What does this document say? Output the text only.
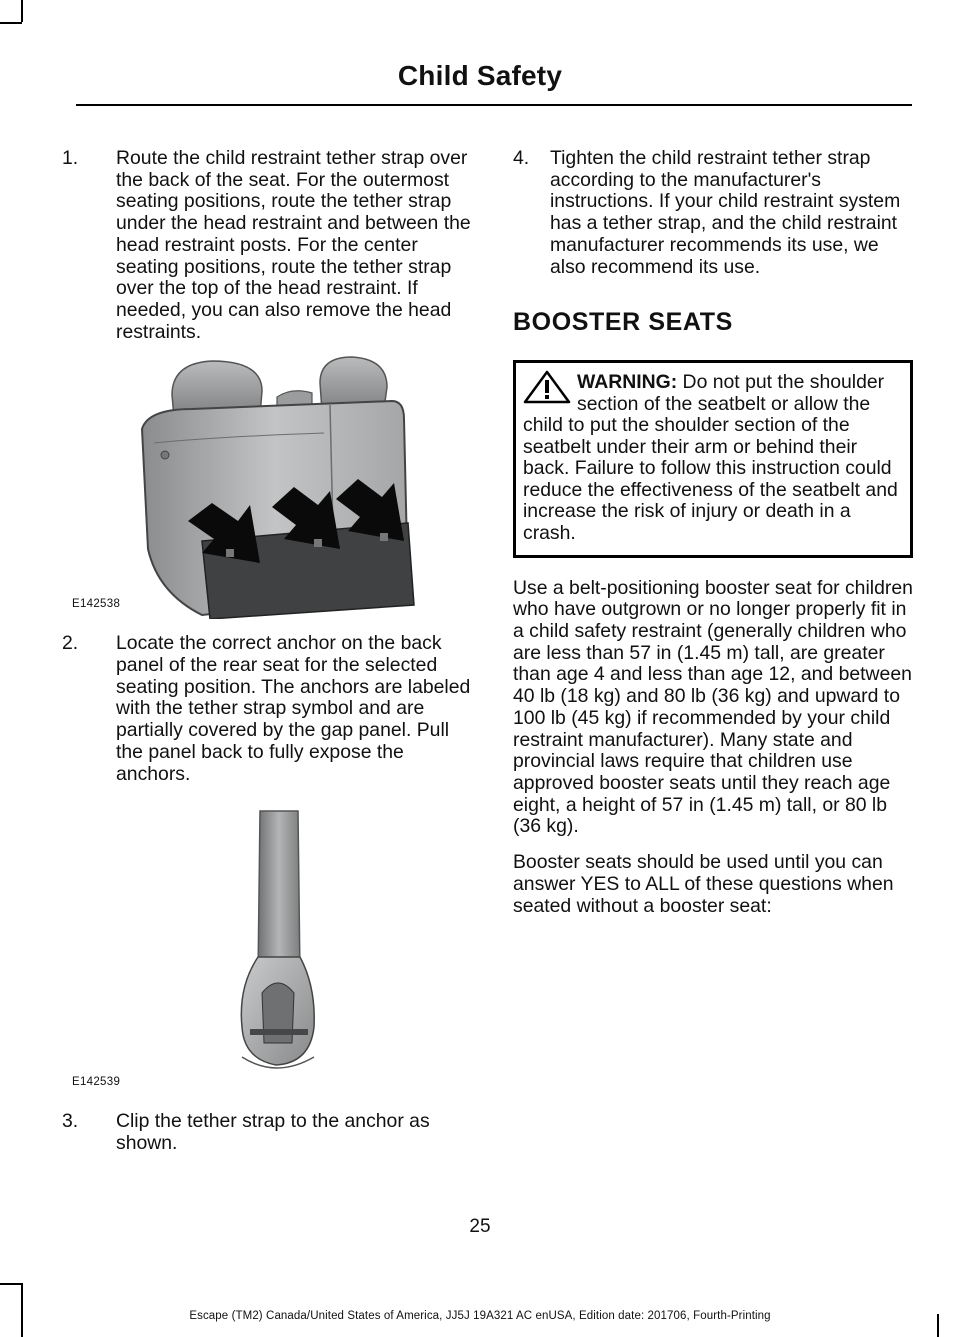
Child Safety
1.	Route the child restraint tether strap over the back of the seat. For the outermost seating positions, route the tether strap under the head restraint and between the head restraint posts. For the center seating positions, route the tether strap over the top of the head restraint. If needed, you can also remove the head restraints.
E142538
2.	Locate the correct anchor on the back panel of the rear seat for the selected seating position. The anchors are labeled with the tether strap symbol and are partially covered by the gap panel. Pull the panel back to fully expose the anchors.
E142539
3.	Clip the tether strap to the anchor as shown.
4.	Tighten the child restraint tether strap according to the manufacturer's instructions. If your child restraint system has a tether strap, and the child restraint manufacturer recommends its use, we also recommend its use.
BOOSTER SEATS
WARNING: Do not put the shoulder section of the seatbelt or allow the child to put the shoulder section of the seatbelt under their arm or behind their back. Failure to follow this instruction could reduce the effectiveness of the seatbelt and increase the risk of injury or death in a crash.
Use a belt-positioning booster seat for children who have outgrown or no longer properly fit in a child safety restraint (generally children who are less than 57 in (1.45 m) tall, are greater than age 4 and less than age 12, and between 40 lb (18 kg) and 80 lb (36 kg) and upward to 100 lb (45 kg) if recommended by your child restraint manufacturer). Many state and provincial laws require that children use approved booster seats until they reach age eight, a height of 57 in (1.45 m) tall, or 80 lb (36 kg).
Booster seats should be used until you can answer YES to ALL of these questions when seated without a booster seat:
25
Escape (TM2) Canada/United States of America, JJ5J 19A321 AC enUSA, Edition date: 201706, Fourth-Printing
